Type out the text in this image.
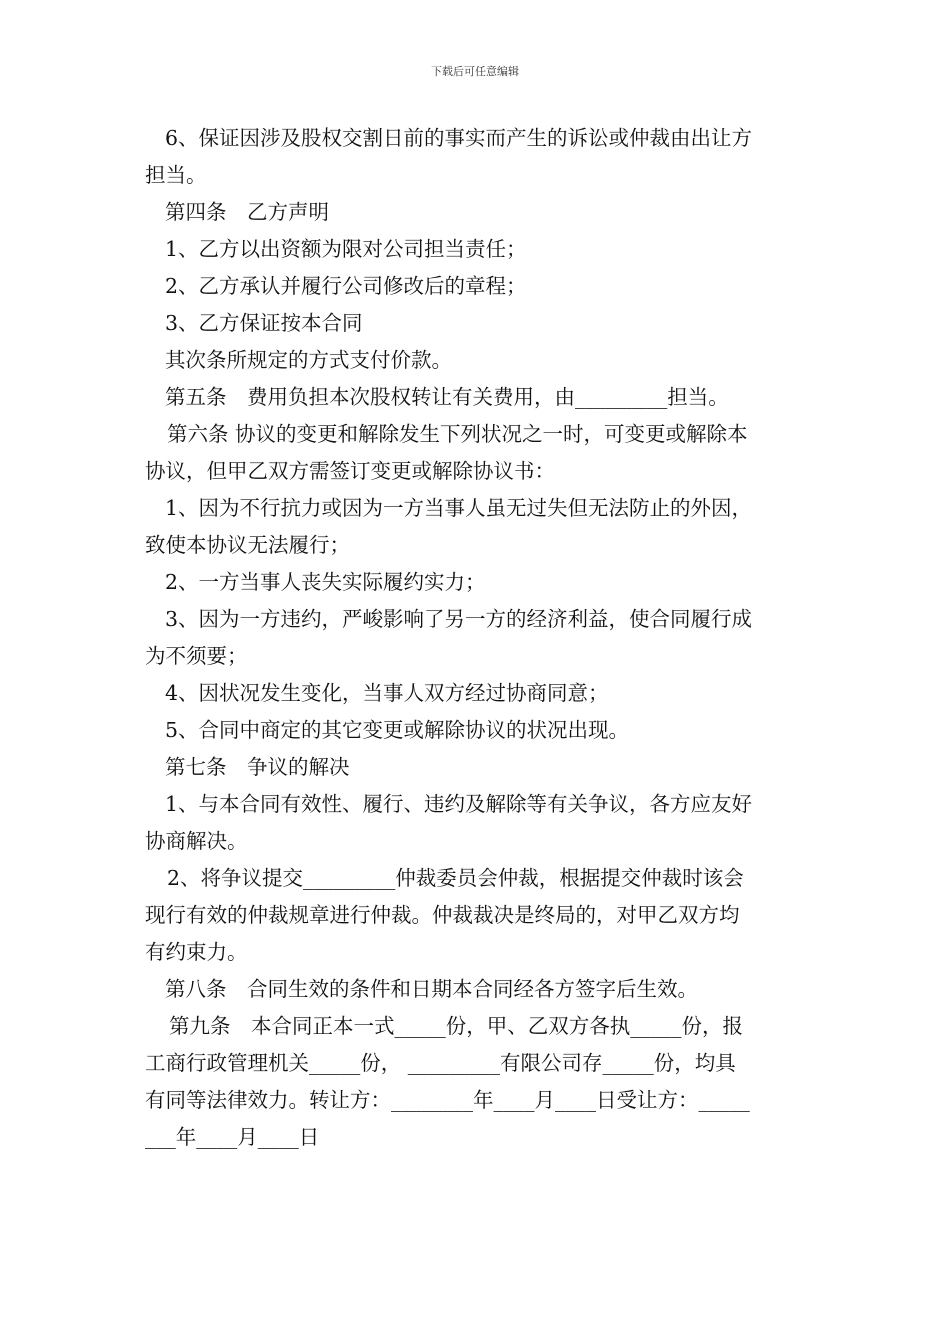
下载后可任意编辑
6、保证因涉及股权交割日前的事实而产生的诉讼或仲裁由出让方
担当。
第四条　乙方声明
1、乙方以出资额为限对公司担当责任；
2、乙方承认并履行公司修改后的章程；
3、乙方保证按本合同
其次条所规定的方式支付价款。
第五条　费用负担本次股权转让有关费用，由_________担当。
第六条 协议的变更和解除发生下列状况之一时，可变更或解除本
协议，但甲乙双方需签订变更或解除协议书：
1、因为不行抗力或因为一方当事人虽无过失但无法防止的外因，
致使本协议无法履行；
2、一方当事人丧失实际履约实力；
3、因为一方违约，严峻影响了另一方的经济利益，使合同履行成
为不须要；
4、因状况发生变化，当事人双方经过协商同意；
5、合同中商定的其它变更或解除协议的状况出现。
第七条　争议的解决
1、与本合同有效性、履行、违约及解除等有关争议，各方应友好
协商解决。
2、将争议提交_________仲裁委员会仲裁，根据提交仲裁时该会
现行有效的仲裁规章进行仲裁。仲裁裁决是终局的，对甲乙双方均
有约束力。
第八条　合同生效的条件和日期本合同经各方签字后生效。
第九条　本合同正本一式_____份，甲、乙双方各执_____份，报
工商行政管理机关_____份， _________有限公司存_____份，均具
有同等法律效力。转让方：________年____月____日受让方：_____
___年____月____日
